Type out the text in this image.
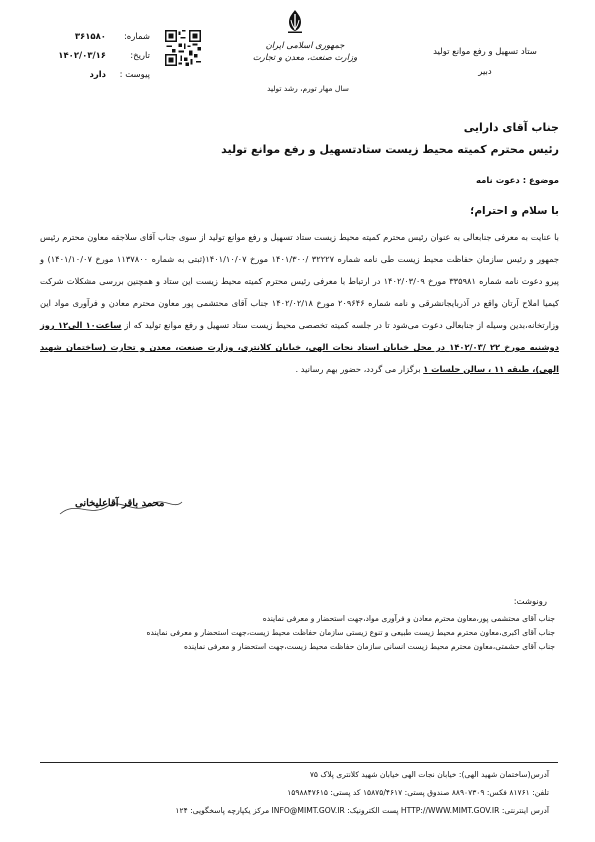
ستاد تسهیل و رفع موانع تولید
دبیر
جمهوری اسلامی ایران
وزارت صنعت، معدن و تجارت
سال مهار تورم، رشد تولید
شماره:
۳۶۱۵۸۰
تاریخ:
۱۴۰۲/۰۳/۱۶
پیوست :
دارد
جناب آقای دارایی
رئیس محترم کمیته محیط زیست ستادتسهیل و رفع موانع تولید
موضوع : دعوت نامه
با سلام و احترام؛
با عنایت به معرفی جنابعالی به عنوان رئیس محترم کمیته محیط زیست ستاد تسهیل و رفع موانع تولید از سوی جناب آقای سلاجقه معاون محترم رئیس جمهور و رئیس سازمان حفاظت محیط زیست طی نامه شماره ۳۲۲۲۷ /۱۴۰۱/۳۰۰ مورخ ۱۴۰۱/۱۰/۰۷(ثبتی به شماره ۱۱۳۷۸۰۰ مورخ ۱۴۰۱/۱۰/۰۷) و پیرو دعوت نامه شماره ۳۳۵۹۸۱ مورخ ۱۴۰۲/۰۳/۰۹ در ارتباط با معرفی رئیس محترم کمیته محیط زیست این ستاد و همچنین بررسی مشکلات شرکت کیمیا املاح آرتان واقع در آذربایجانشرقی و نامه شماره ۲۰۹۶۴۶ مورخ ۱۴۰۲/۰۲/۱۸ جناب آقای محتشمی پور معاون محترم معادن و فرآوری مواد این وزارتخانه،بدین وسیله از جنابعالی دعوت می‌شود تا در جلسه کمیته تخصصی محیط زیست ستاد تسهیل و رفع موانع تولید که از ساعت۱۰ الی۱۲ روز دوشنبه مورخ ۲۲ /۱۴۰۲/۰۳ در محل خیابان استاد نجات الهی، خیابان کلانتری، وزارت صنعت، معدن و تجارت (ساختمان شهید الهی)، طبقه ۱۱ ، سالن جلسات ۱ برگزار می گردد، حضور بهم رسانید .
محمد باقر آقاعلیخانی
رونوشت:
جناب آقای محتشمی پور،معاون محترم معادن و فرآوری مواد،جهت استحضار و معرفی نماینده
جناب آقای اکبری،معاون محترم محیط زیست طبیعی و تنوع زیستی سازمان حفاظت محیط زیست،جهت استحضار و معرفی نماینده
جناب آقای حشمتی،معاون محترم محیط زیست انسانی سازمان حفاظت محیط زیست،جهت استحضار و معرفی نماینده
آدرس(ساختمان شهید الهی): خیابان نجات الهی خیابان شهید کلانتری پلاک ۷۵
تلفن: ۸۱۷۶۱ فکس: ۸۸۹۰۷۳۰۹ صندوق پستی: ۱۵۸۷۵/۴۶۱۷ کد پستی: ۱۵۹۸۸۴۷۶۱۵
آدرس اینترنتی: HTTP://WWW.MIMT.GOV.IR پست الکترونیک: INFO@MIMT.GOV.IR مرکز یکپارچه پاسخگویی: ۱۲۴
